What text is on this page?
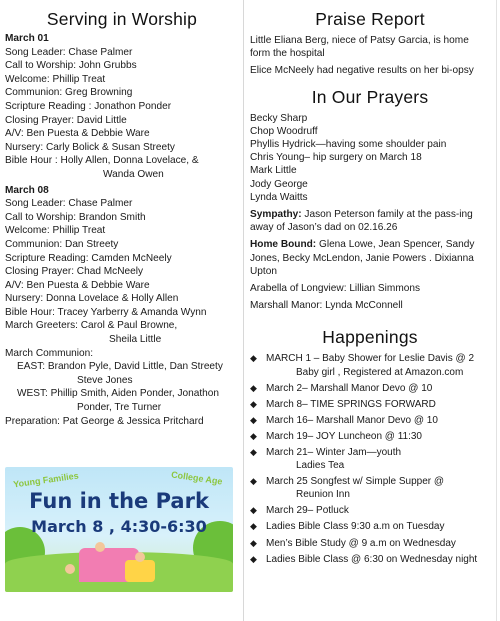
Serving in Worship
March 01
Song Leader: Chase Palmer
Call to Worship: John Grubbs
Welcome: Phillip Treat
Communion: Greg Browning
Scripture Reading : Jonathon Ponder
Closing Prayer: David Little
A/V: Ben Puesta & Debbie Ware
Nursery: Carly Bolick & Susan Streety
Bible Hour : Holly Allen, Donna Lovelace, &
Wanda Owen
March 08
Song Leader: Chase Palmer
Call to Worship: Brandon Smith
Welcome: Phillip Treat
Communion: Dan Streety
Scripture Reading: Camden McNeely
Closing Prayer: Chad McNeely
A/V: Ben Puesta & Debbie Ware
Nursery: Donna Lovelace & Holly Allen
Bible Hour: Tracey Yarberry & Amanda Wynn
March Greeters: Carol & Paul Browne,
Sheila Little
March Communion:
EAST: Brandon Pyle, David Little, Dan Streety
Steve Jones
WEST: Phillip Smith, Aiden Ponder, Jonathon
Ponder, Tre Turner
Preparation: Pat George & Jessica Pritchard
Young Families	College Age
Fun in the Park
March 8 , 4:30-6:30
Praise Report

Little Eliana Berg, niece of Patsy Garcia, is home form the hospital

Elice McNeely had negative results on her bi-opsy

In Our Prayers
Becky Sharp
Chop Woodruff
Phyllis Hydrick—having some shoulder pain
Chris Young– hip surgery on March 18
Mark Little
Jody George
Lynda Waitts
Sympathy: Jason Peterson family at the pass-ing away of Jason’s dad on 02.16.26
Home Bound: Glena Lowe, Jean Spencer, Sandy Jones, Becky McLendon, Janie Powers . Dixianna Upton
Arabella of Longview: Lillian Simmons
Marshall Manor: Lynda McConnell
Happenings
◆ MARCH 1 – Baby Shower for Leslie Davis @ 2
Baby girl , Registered at Amazon.com
◆ March 2– Marshall Manor Devo @ 10
◆ March 8– TIME SPRINGS FORWARD
◆ March 16– Marshall Manor Devo @ 10
◆ March 19– JOY Luncheon @ 11:30
◆ March 21– Winter Jam—youth
Ladies Tea
◆ March 25 Songfest w/ Simple Supper @
Reunion Inn
◆ March 29– Potluck
◆ Ladies Bible Class 9:30 a.m on Tuesday
◆ Men’s Bible Study @ 9 a.m on Wednesday
◆ Ladies Bible Class @ 6:30 on Wednesday night
